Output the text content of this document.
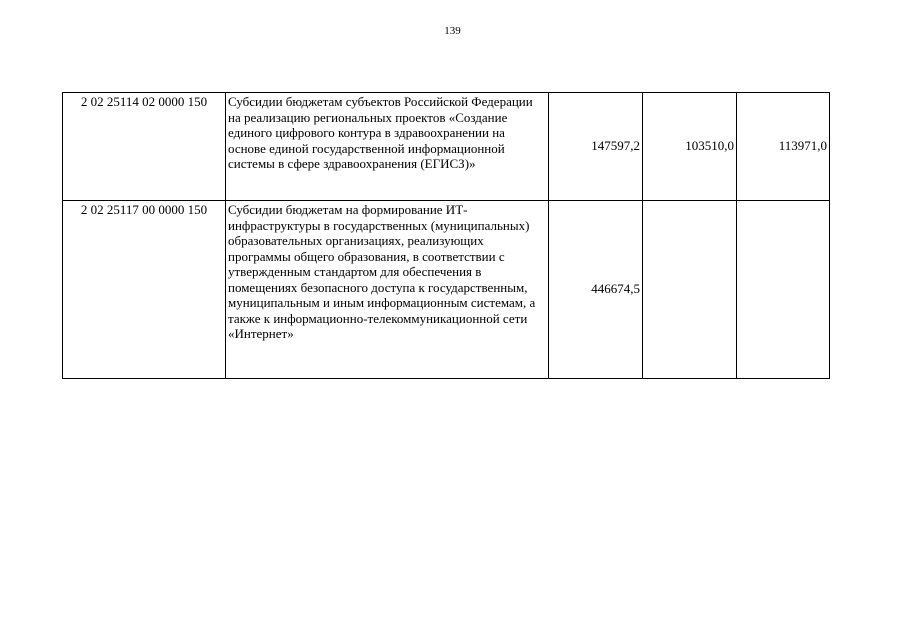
139
2 02 25114 02 0000 150	Субсидии бюджетам субъектов Российской Федерации на реализацию региональных проектов «Создание единого цифрового контура в здравоохранении на основе единой государственной информационной системы в сфере здравоохранения (ЕГИСЗ)»	147597,2	103510,0	113971,0
2 02 25117 00 0000 150	Субсидии бюджетам на формирование ИТ-инфраструктуры в государственных (муниципальных) образовательных организациях, реализующих программы общего образования, в соответствии с утвержденным стандартом для обеспечения в помещениях безопасного доступа к государственным, муниципальным и иным информационным системам, а также к информационно-телекоммуникационной сети «Интернет»	446674,5		
